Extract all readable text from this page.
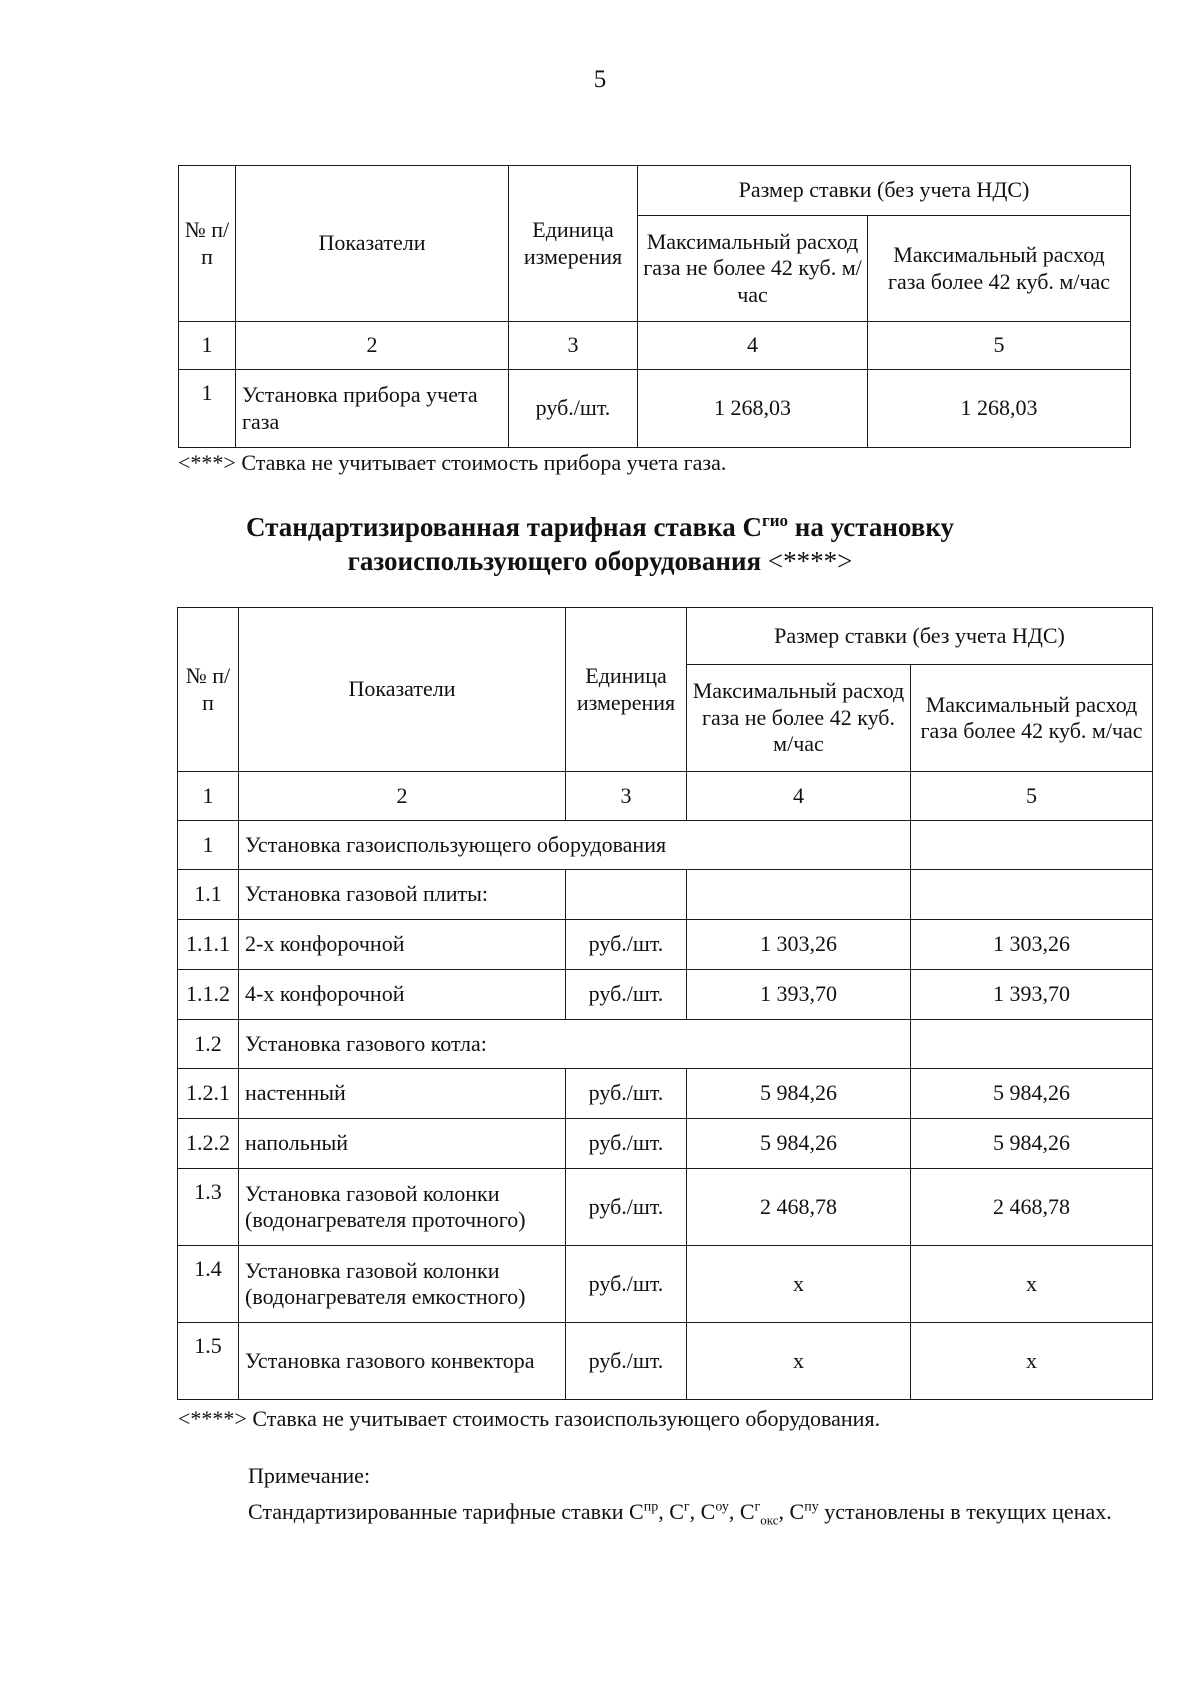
5
№ п/п	Показатели	Единица измерения	Размер ставки (без учета НДС)	
			Максимальный расход газа не более 42 куб. м/час	Максимальный расход газа более 42 куб. м/час
1	2	3	4	5
1	Установка прибора учета газа	руб./шт.	1 268,03	1 268,03
<***> Ставка не учитывает стоимость прибора учета газа.
Стандартизированная тарифная ставка $С^{гио}$ на установку
газоиспользующего оборудования <****>
№ п/п	Показатели	Единица измерения	Размер ставки (без учета НДС)	
			Максимальный расход газа не более 42 куб. м/час	Максимальный расход газа более 42 куб. м/час
1	2	3	4	5
1	Установка газоиспользующего оборудования			
1.1	Установка газовой плиты:			
1.1.1	2-х конфорочной	руб./шт.	1 303,26	1 303,26
1.1.2	4-х конфорочной	руб./шт.	1 393,70	1 393,70
1.2	Установка газового котла:			
1.2.1	настенный	руб./шт.	5 984,26	5 984,26
1.2.2	напольный	руб./шт.	5 984,26	5 984,26
1.3	Установка газовой колонки (водонагревателя проточного)	руб./шт.	2 468,78	2 468,78
1.4	Установка газовой колонки (водонагревателя емкостного)	руб./шт.	х	х
1.5	Установка газового конвектора	руб./шт.	х	х
<****> Ставка не учитывает стоимость газоиспользующего оборудования.
Примечание:
Стандартизированные тарифные ставки $С^{пр}$, $С^г$, $С^{оу}$, $С^г_{окс}$, $С^{пу}$ установлены в текущих ценах.
